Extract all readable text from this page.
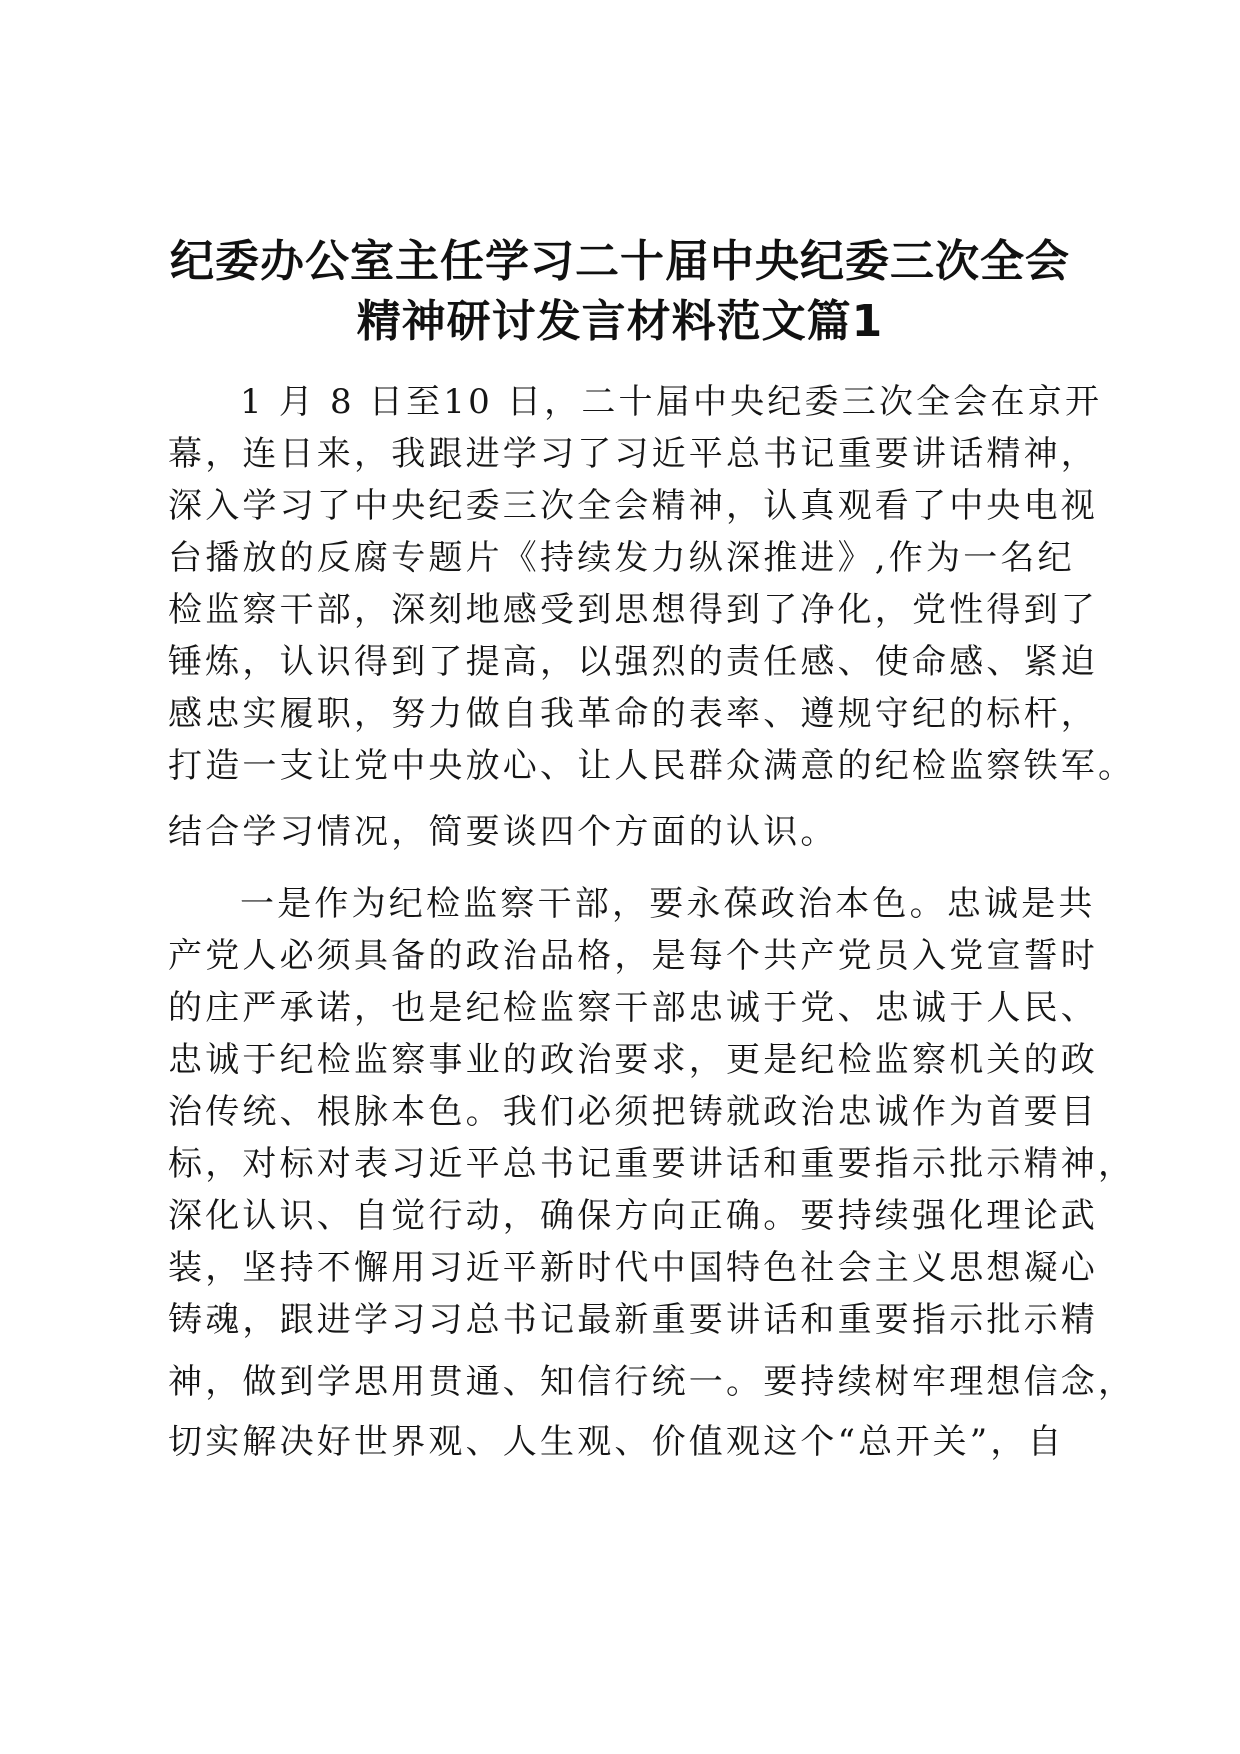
纪委办公室主任学习二十届中央纪委三次全会
精神研讨发言材料范文篇1
1 月 8 日至10 日，二十届中央纪委三次全会在京开
幕，连日来，我跟进学习了习近平总书记重要讲话精神，
深入学习了中央纪委三次全会精神，认真观看了中央电视
台播放的反腐专题片《持续发力纵深推进》,作为一名纪
检监察干部，深刻地感受到思想得到了净化，党性得到了
锤炼，认识得到了提高，以强烈的责任感、使命感、紧迫
感忠实履职，努力做自我革命的表率、遵规守纪的标杆，
打造一支让党中央放心、让人民群众满意的纪检监察铁军。
结合学习情况，简要谈四个方面的认识。
一是作为纪检监察干部，要永葆政治本色。忠诚是共
产党人必须具备的政治品格，是每个共产党员入党宣誓时
的庄严承诺，也是纪检监察干部忠诚于党、忠诚于人民、
忠诚于纪检监察事业的政治要求，更是纪检监察机关的政
治传统、根脉本色。我们必须把铸就政治忠诚作为首要目
标，对标对表习近平总书记重要讲话和重要指示批示精神，
深化认识、自觉行动，确保方向正确。要持续强化理论武
装，坚持不懈用习近平新时代中国特色社会主义思想凝心
铸魂，跟进学习习总书记最新重要讲话和重要指示批示精
神，做到学思用贯通、知信行统一。要持续树牢理想信念，
切实解决好世界观、人生观、价值观这个“总开关”，自
